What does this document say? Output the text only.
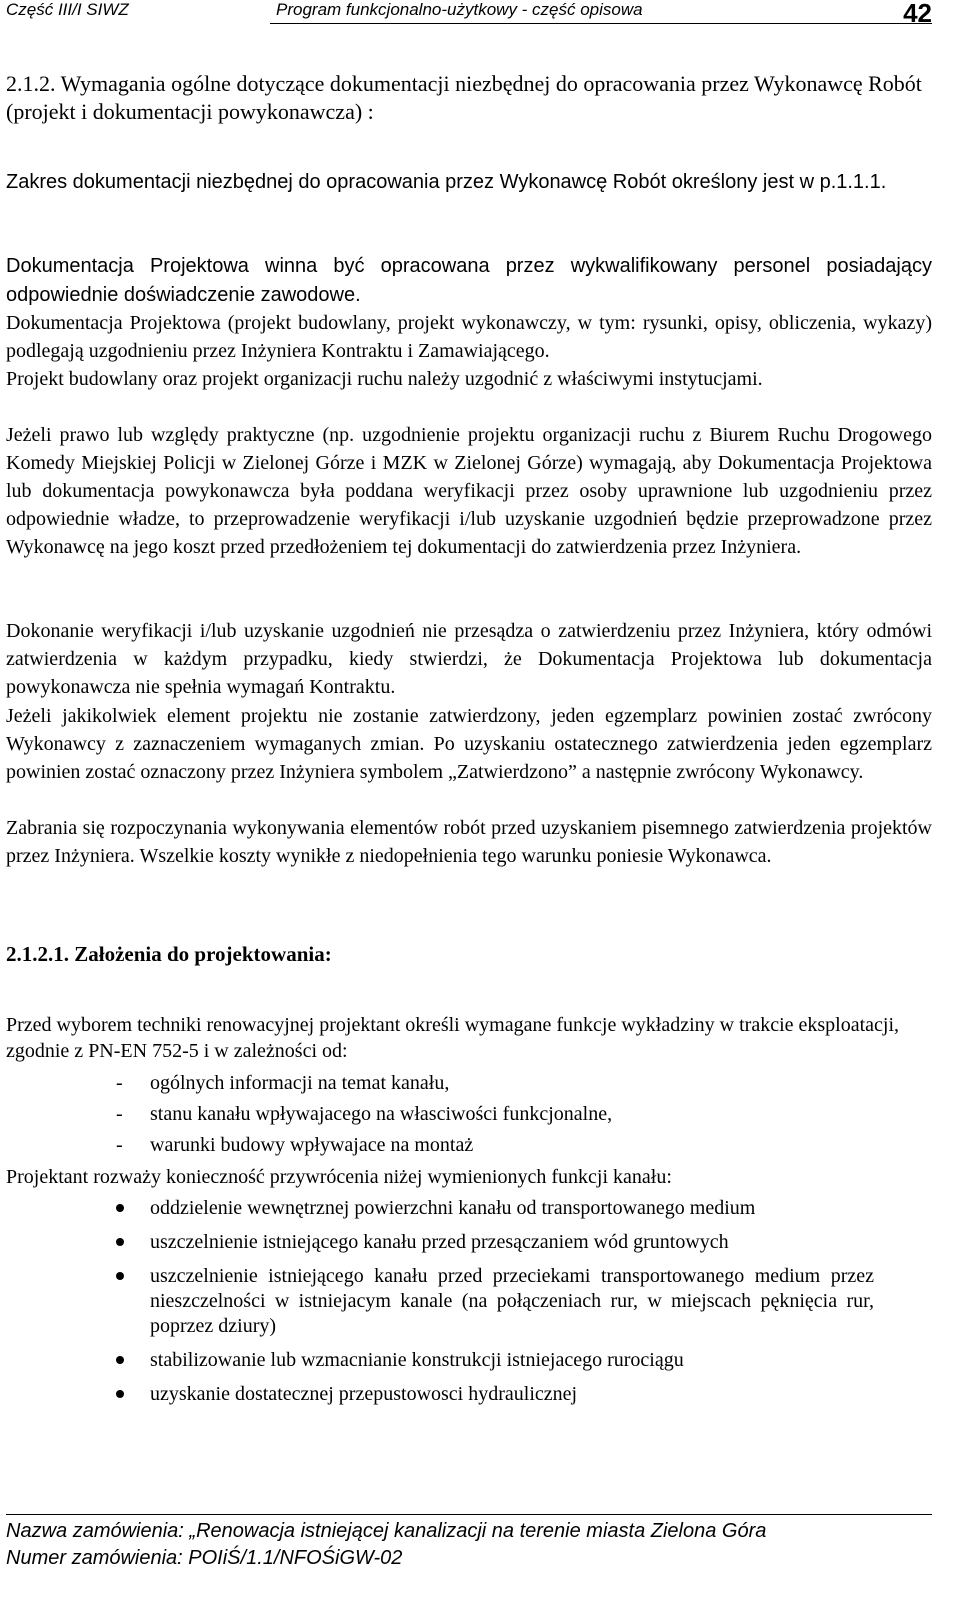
Część III/I SIWZ	Program funkcjonalno-użytkowy - część opisowa	42
2.1.2. Wymagania ogólne dotyczące dokumentacji niezbędnej do opracowania przez Wykonawcę Robót (projekt i dokumentacji powykonawcza) :
Zakres dokumentacji niezbędnej do opracowania przez Wykonawcę Robót określony jest w p.1.1.1.
Dokumentacja Projektowa winna być opracowana przez wykwalifikowany personel posiadający odpowiednie doświadczenie zawodowe.
Dokumentacja Projektowa (projekt budowlany, projekt wykonawczy, w tym: rysunki, opisy, obliczenia, wykazy) podlegają uzgodnieniu przez Inżyniera Kontraktu i Zamawiającego.
Projekt budowlany oraz projekt organizacji ruchu należy uzgodnić z właściwymi instytucjami.
Jeżeli prawo lub względy praktyczne (np. uzgodnienie projektu organizacji ruchu z Biurem Ruchu Drogowego Komedy Miejskiej Policji w Zielonej Górze i MZK w Zielonej Górze) wymagają, aby Dokumentacja Projektowa lub dokumentacja powykonawcza była poddana weryfikacji przez osoby uprawnione lub uzgodnieniu przez odpowiednie władze, to przeprowadzenie weryfikacji i/lub uzyskanie uzgodnień będzie przeprowadzone przez Wykonawcę na jego koszt przed przedłożeniem tej dokumentacji do zatwierdzenia przez Inżyniera.
Dokonanie weryfikacji i/lub uzyskanie uzgodnień nie przesądza o zatwierdzeniu przez Inżyniera, który odmówi zatwierdzenia w każdym przypadku, kiedy stwierdzi, że Dokumentacja Projektowa lub dokumentacja powykonawcza nie spełnia wymagań Kontraktu.
Jeżeli jakikolwiek element projektu nie zostanie zatwierdzony, jeden egzemplarz powinien zostać zwrócony Wykonawcy z zaznaczeniem wymaganych zmian. Po uzyskaniu ostatecznego zatwierdzenia jeden egzemplarz powinien zostać oznaczony przez Inżyniera symbolem „Zatwierdzono” a następnie zwrócony Wykonawcy.
Zabrania się rozpoczynania wykonywania elementów robót przed uzyskaniem pisemnego zatwierdzenia projektów przez Inżyniera. Wszelkie koszty wynikłe z niedopełnienia tego warunku poniesie Wykonawca.
2.1.2.1. Założenia do projektowania:
Przed wyborem techniki renowacyjnej projektant określi wymagane funkcje wykładziny w trakcie eksploatacji, zgodnie z PN-EN 752-5 i w zależności od:
- ogólnych informacji na temat kanału,
- stanu kanału wpływajacego na własciwości funkcjonalne,
- warunki budowy wpływajace na montaż
Projektant rozważy konieczność przywrócenia niżej wymienionych funkcji kanału:
oddzielenie wewnętrznej powierzchni kanału od transportowanego medium
uszczelnienie istniejącego kanału przed przesączaniem wód gruntowych
uszczelnienie istniejącego kanału przed przeciekami transportowanego medium przez nieszczelności w istniejacym kanale (na połączeniach rur, w miejscach pęknięcia rur, poprzez dziury)
stabilizowanie lub wzmacnianie konstrukcji istniejacego rurociągu
uzyskanie dostatecznej przepustowosci hydraulicznej
Nazwa zamówienia: „Renowacja istniejącej kanalizacji na terenie miasta Zielona Góra
Numer zamówienia: POIiŚ/1.1/NFOŚiGW-02
